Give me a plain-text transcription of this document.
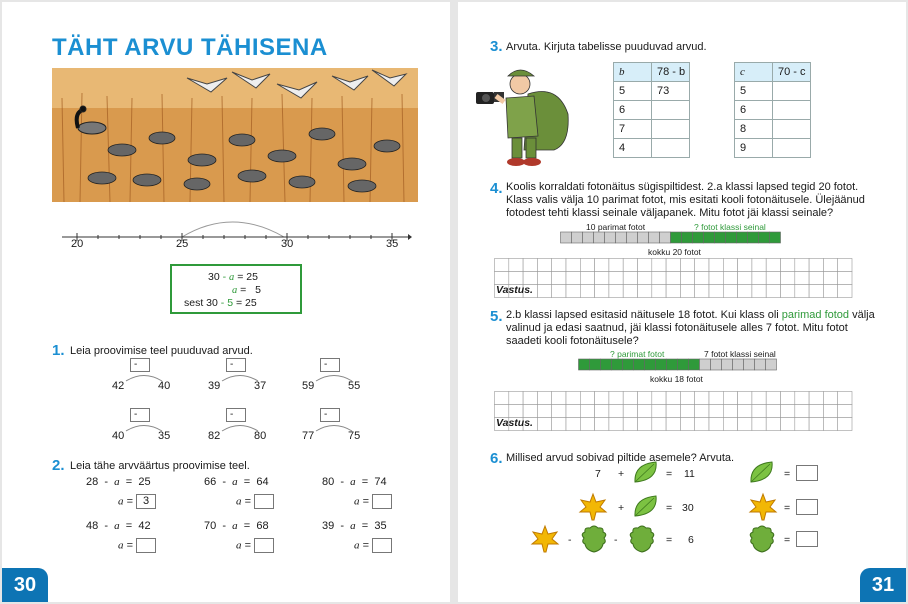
TÄHT ARVU TÄHISENA
20	25	30	35
30 - a = 25
a = 5
sest 30 - 5 = 25
1. Leia proovimise teel puuduvad arvud.
-
42	40
-
39	37
-
59	55
-
40	35
-
82	80
-
77	75
2. Leia tähe arvväärtus proovimise teel.
28 - a = 25
a = 3
66 - a = 64
a =
80 - a = 74
a =
48 - a = 42
a =
70 - a = 68
a =
39 - a = 35
a =
30
3. Arvuta. Kirjuta tabelisse puuduvad arvud.
b	78 - b
5	73
6	
7	
4	
c	70 - c
5	
6	
8	
9	
4. Koolis korraldati fotonäitus sügispiltidest. 2.a klassi lapsed tegid 20 fotot. Klass valis välja 10 parimat fotot, mis esitati kooli fotonäitusele. Ülejäänud fotodest tehti klassi seinale väljapanek. Mitu fotot jäi klassi seinale?
10 parimat fotot	? fotot klassi seinal
kokku 20 fotot
Vastus.
5. 2.b klassi lapsed esitasid näitusele 18 fotot. Kui klass oli parimad fotod välja valinud ja edasi saatnud, jäi klassi fotonäitusele alles 7 fotot. Mitu fotot saadeti kooli fotonäitusele?
? parimat fotot	7 fotot klassi seinal
kokku 18 fotot
Vastus.
6. Millised arvud sobivad piltide asemele? Arvuta.
7 +	= 11
+	= 30
-	-	= 6
=
=
=
31
